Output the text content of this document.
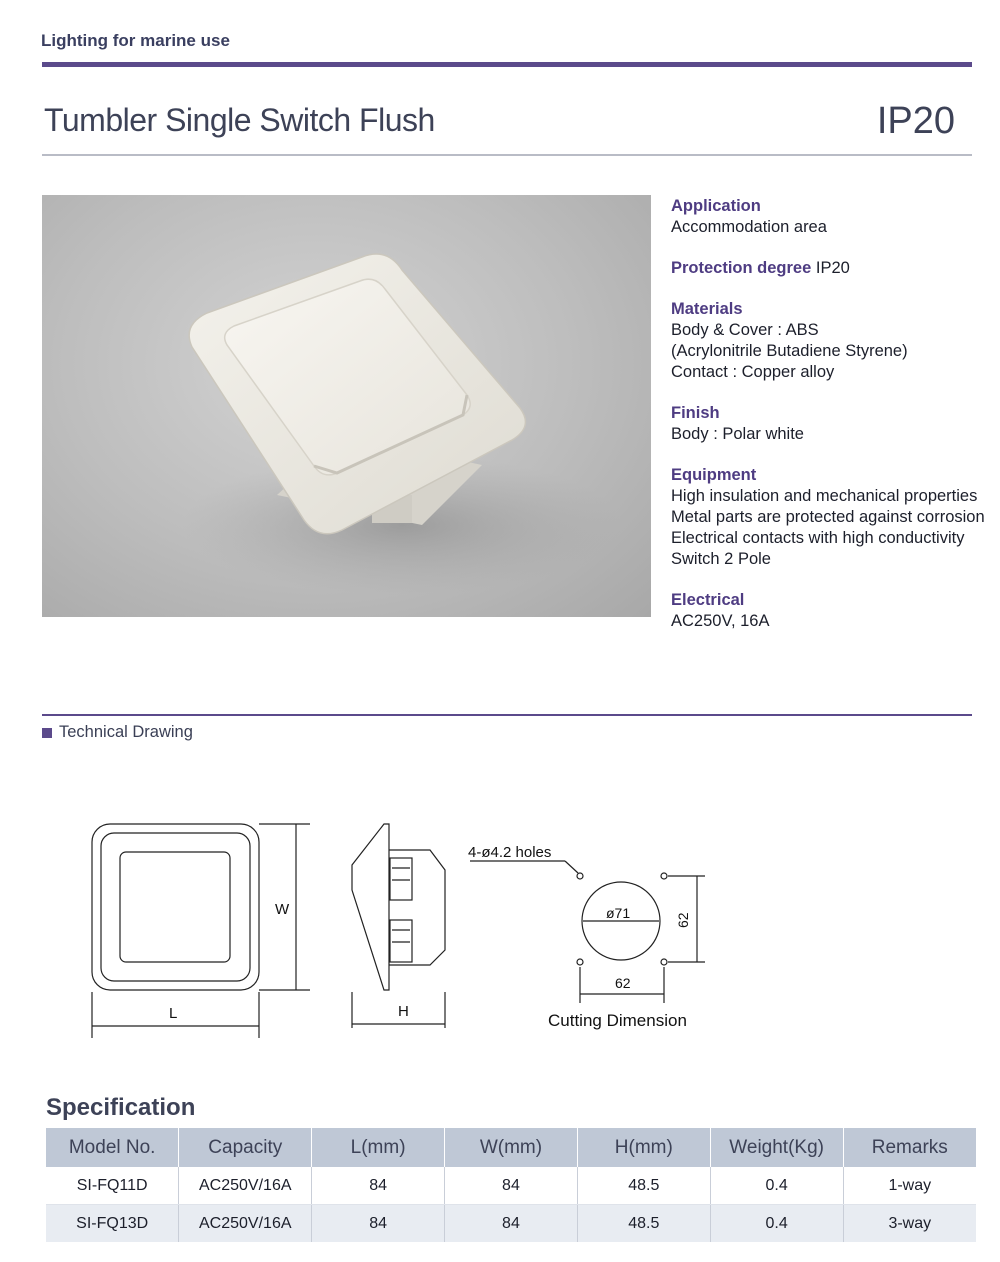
Lighting for marine use
Tumbler Single Switch Flush	IP20
Application
Accommodation area
Protection degree IP20
Materials
Body & Cover : ABS
(Acrylonitrile Butadiene Styrene)
Contact : Copper alloy
Finish
Body : Polar white
Equipment
High insulation and mechanical properties
Metal parts are protected against corrosion
Electrical contacts with high conductivity
Switch 2 Pole
Electrical
AC250V, 16A
Technical Drawing
W
L	H
4-ø4.2 holes
ø71	62
62
Cutting Dimension
Specification
Model No.	Capacity	L(mm)	W(mm)	H(mm)	Weight(Kg)	Remarks
SI-FQ11D	AC250V/16A	84	84	48.5	0.4	1-way
SI-FQ13D	AC250V/16A	84	84	48.5	0.4	3-way
